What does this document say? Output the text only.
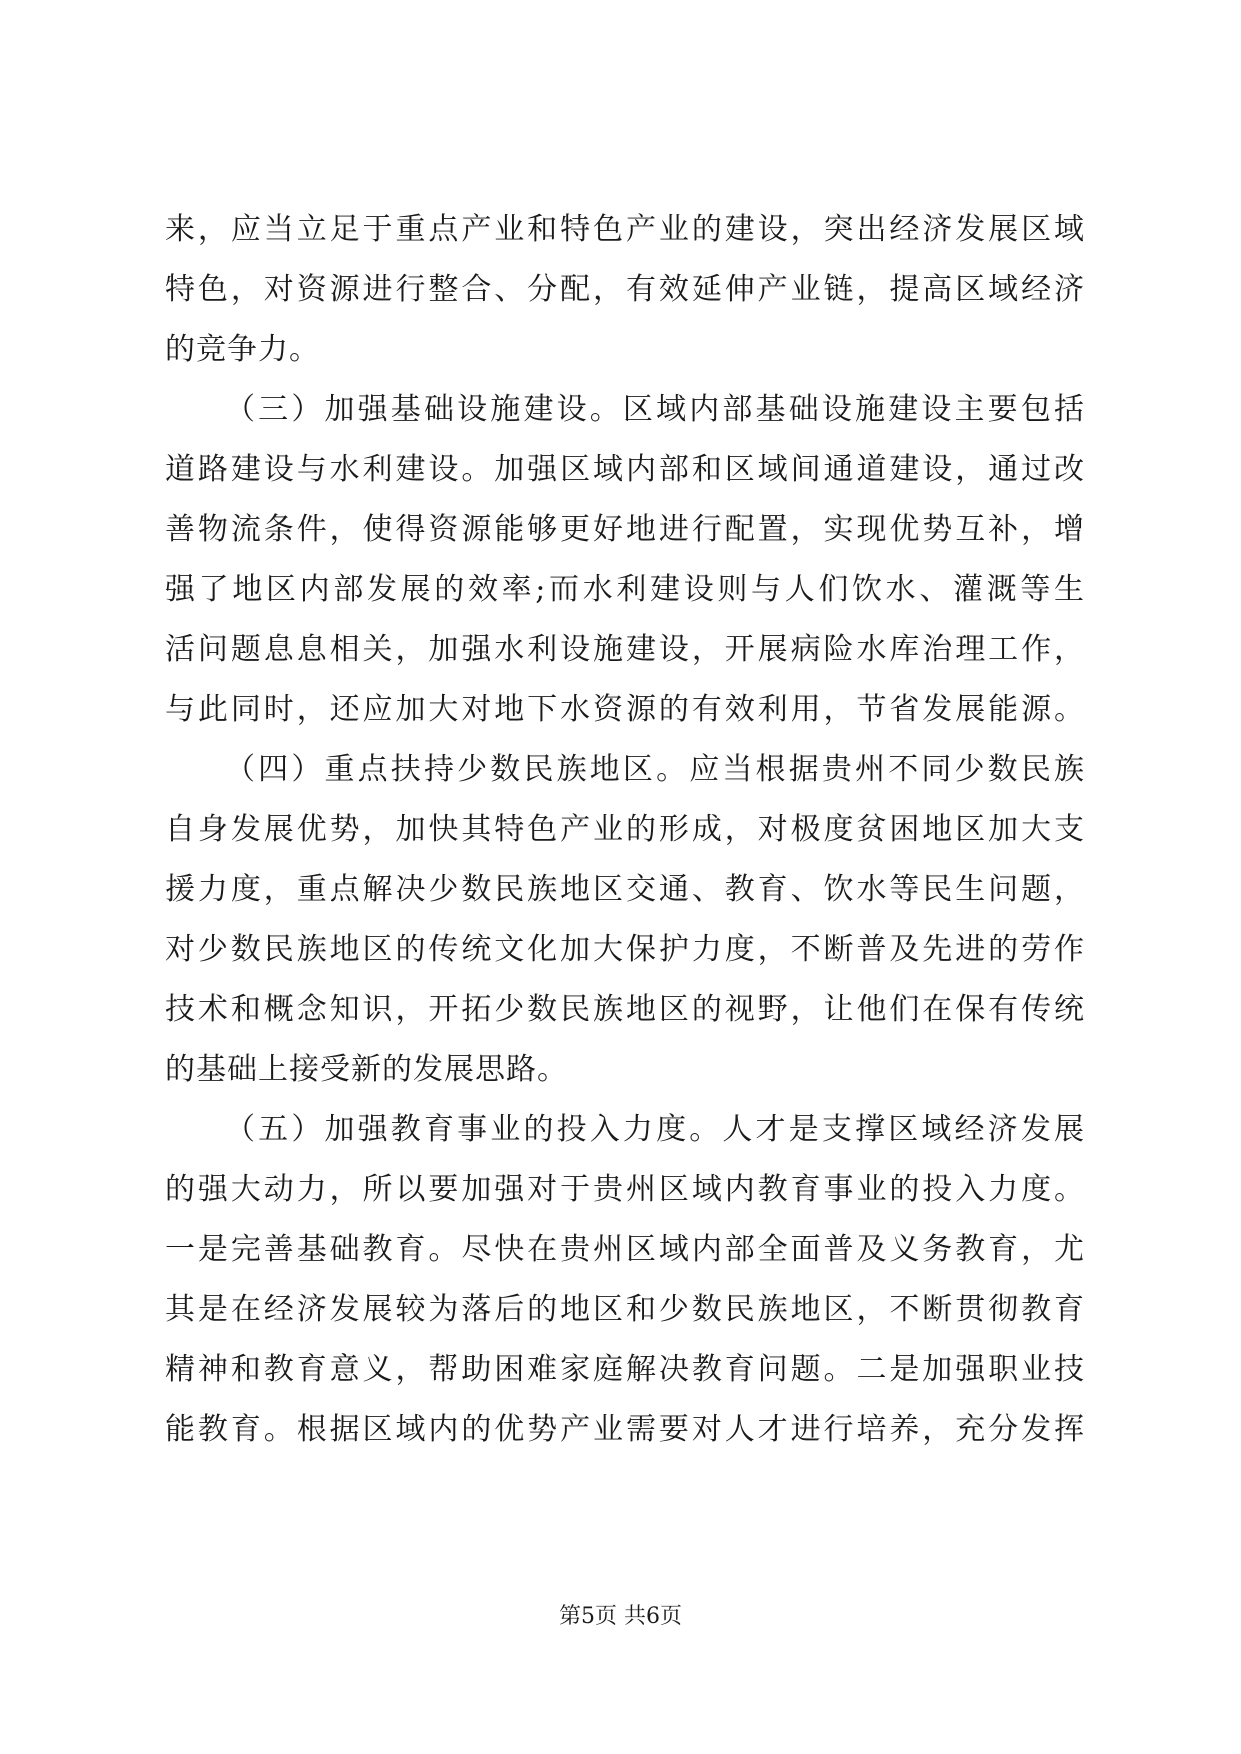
来，应当立足于重点产业和特色产业的建设，突出经济发展区域
特色，对资源进行整合、分配，有效延伸产业链，提高区域经济
的竞争力。
（三）加强基础设施建设。区域内部基础设施建设主要包括
道路建设与水利建设。加强区域内部和区域间通道建设，通过改
善物流条件，使得资源能够更好地进行配置，实现优势互补，增
强了地区内部发展的效率;而水利建设则与人们饮水、灌溉等生
活问题息息相关，加强水利设施建设，开展病险水库治理工作，
与此同时，还应加大对地下水资源的有效利用，节省发展能源。
（四）重点扶持少数民族地区。应当根据贵州不同少数民族
自身发展优势，加快其特色产业的形成，对极度贫困地区加大支
援力度，重点解决少数民族地区交通、教育、饮水等民生问题，
对少数民族地区的传统文化加大保护力度，不断普及先进的劳作
技术和概念知识，开拓少数民族地区的视野，让他们在保有传统
的基础上接受新的发展思路。
（五）加强教育事业的投入力度。人才是支撑区域经济发展
的强大动力，所以要加强对于贵州区域内教育事业的投入力度。
一是完善基础教育。尽快在贵州区域内部全面普及义务教育，尤
其是在经济发展较为落后的地区和少数民族地区，不断贯彻教育
精神和教育意义，帮助困难家庭解决教育问题。二是加强职业技
能教育。根据区域内的优势产业需要对人才进行培养，充分发挥
第5页 共6页
